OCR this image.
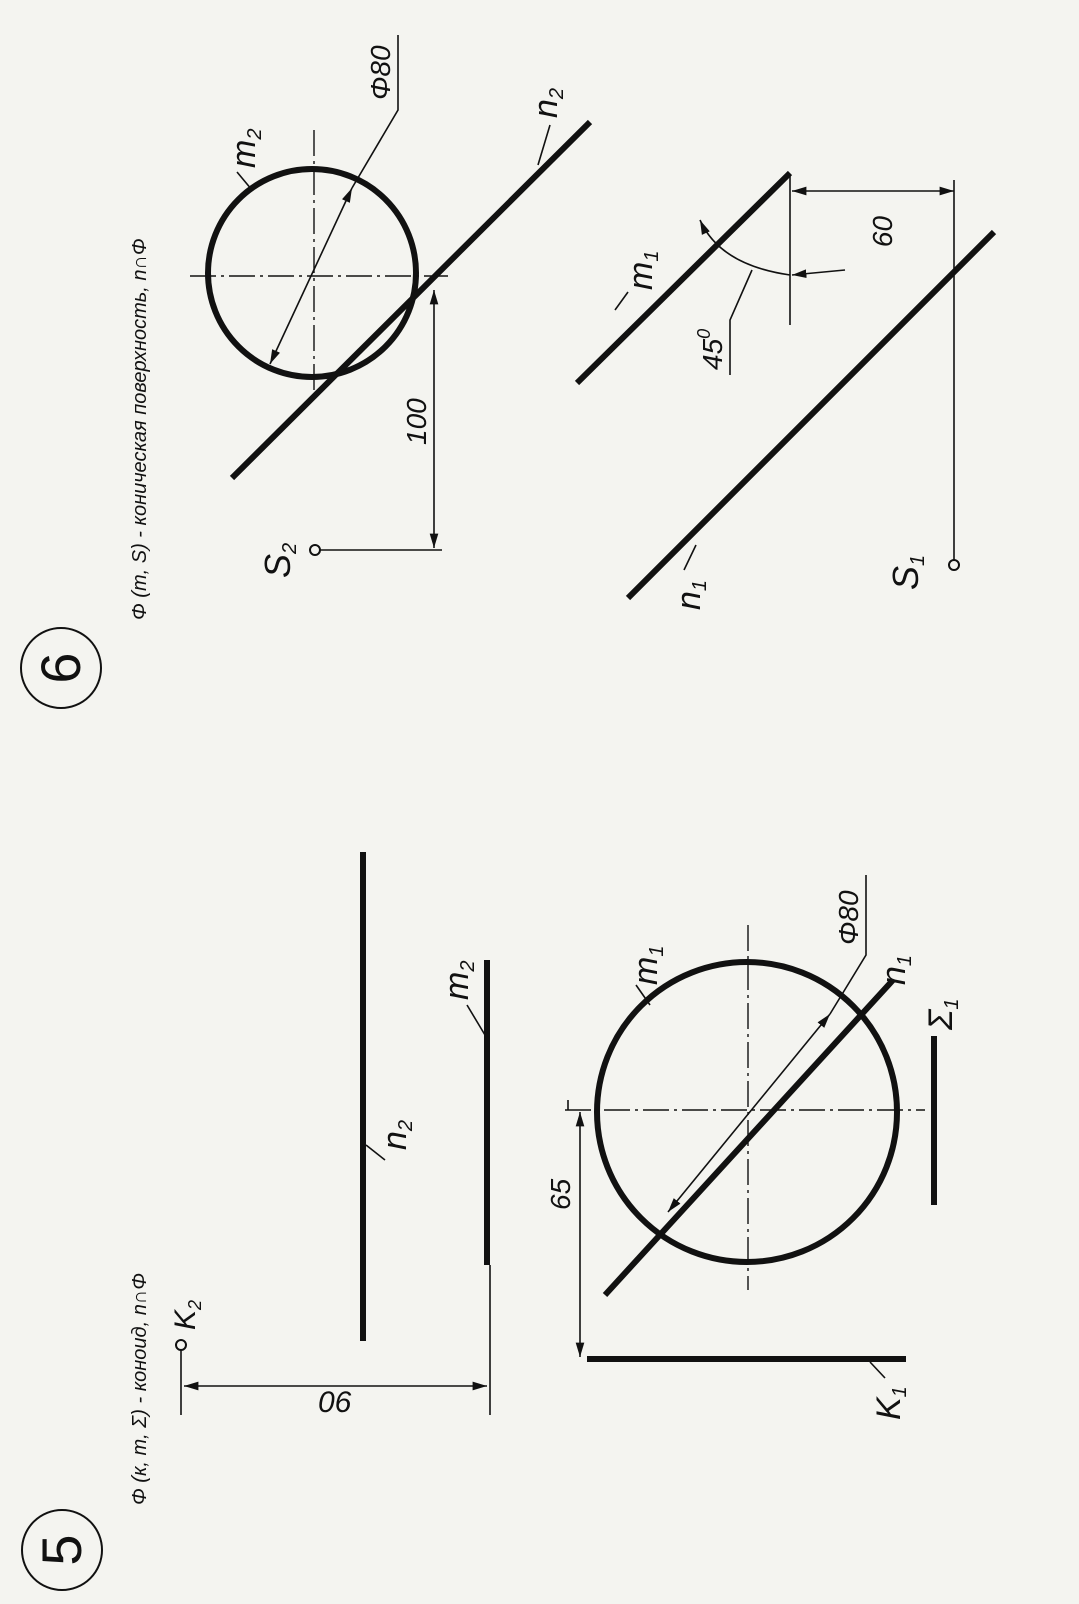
6
Φ (m, S) - коническая поверхность, n∩Φ
Φ80
m2
n2
100
S2
m1
$45^0$
09
n1	S1
5
Φ (к, m, Σ) - коноид, n∩Φ $K_2$
06
n2
m2	m1
Φ80
n1
Σ1
65
K1
